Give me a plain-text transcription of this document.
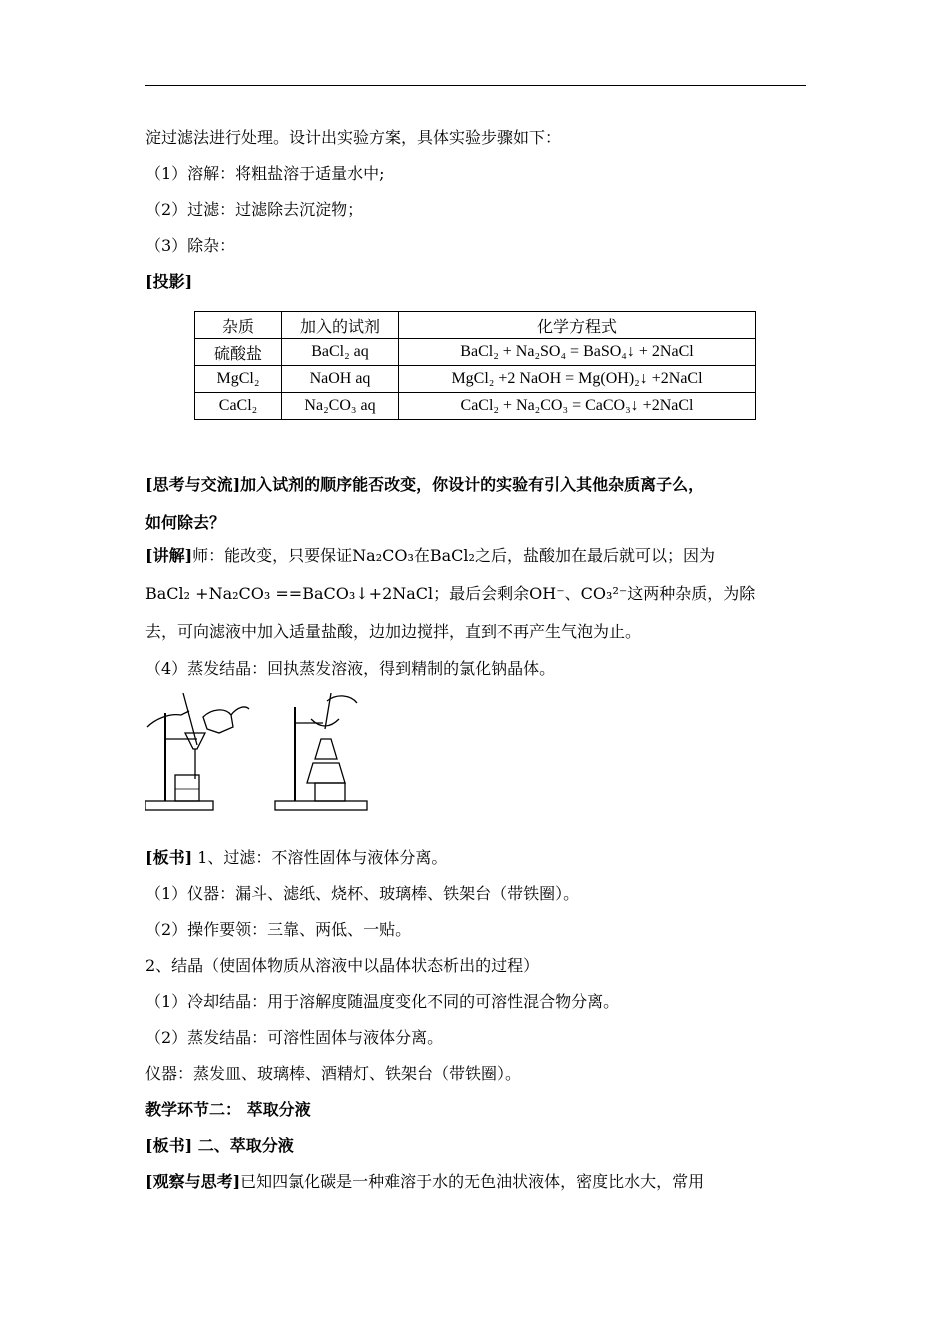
淀过滤法进行处理。设计出实验方案，具体实验步骤如下：
（1）溶解：将粗盐溶于适量水中;
（2）过滤：过滤除去沉淀物；
（3）除杂：
[投影]
杂质	加入的试剂	化学方程式
硫酸盐	BaCl₂ aq	BaCl₂ + Na₂SO₄ = BaSO₄↓ + 2NaCl
MgCl₂	NaOH aq	MgCl₂ +2 NaOH = Mg(OH)₂↓ +2NaCl
CaCl₂	Na₂CO₃ aq	CaCl₂ + Na₂CO₃ = CaCO₃↓ +2NaCl
[思考与交流]加入试剂的顺序能否改变，你设计的实验有引入其他杂质离子么，
如何除去？
[讲解]师：能改变，只要保证Na₂CO₃在BaCl₂之后，盐酸加在最后就可以；因为
BaCl₂ +Na₂CO₃ ==BaCO₃↓+2NaCl；最后会剩余OH⁻、CO₃²⁻这两种杂质，为除
去，可向滤液中加入适量盐酸，边加边搅拌，直到不再产生气泡为止。
（4）蒸发结晶：回执蒸发溶液，得到精制的氯化钠晶体。
[板书] 1、过滤：不溶性固体与液体分离。
（1）仪器：漏斗、滤纸、烧杯、玻璃棒、铁架台（带铁圈）。
（2）操作要领：三靠、两低、一贴。
2、结晶（使固体物质从溶液中以晶体状态析出的过程）
（1）冷却结晶：用于溶解度随温度变化不同的可溶性混合物分离。
（2）蒸发结晶：可溶性固体与液体分离。
仪器：蒸发皿、玻璃棒、酒精灯、铁架台（带铁圈）。
教学环节二： 萃取分液
[板书] 二、萃取分液
[观察与思考]已知四氯化碳是一种难溶于水的无色油状液体，密度比水大，常用
